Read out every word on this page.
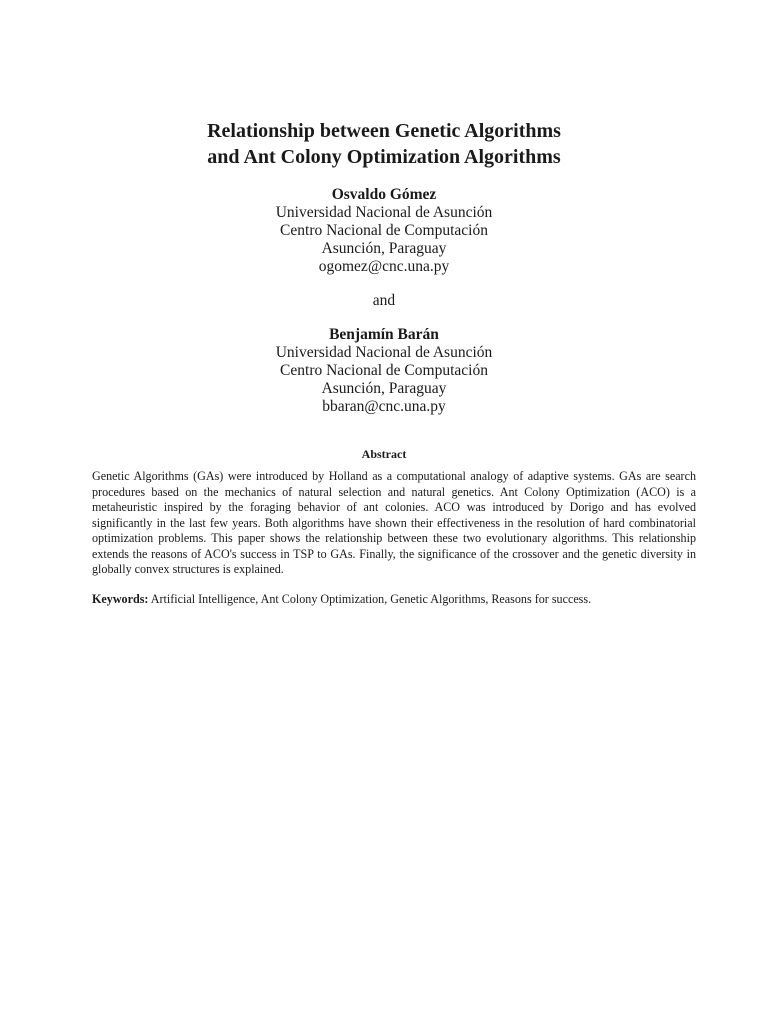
Relationship between Genetic Algorithms
and Ant Colony Optimization Algorithms
Osvaldo Gómez
Universidad Nacional de Asunción
Centro Nacional de Computación
Asunción, Paraguay
ogomez@cnc.una.py
and
Benjamín Barán
Universidad Nacional de Asunción
Centro Nacional de Computación
Asunción, Paraguay
bbaran@cnc.una.py
Abstract
Genetic Algorithms (GAs) were introduced by Holland as a computational analogy of adaptive systems. GAs are search procedures based on the mechanics of natural selection and natural genetics. Ant Colony Optimization (ACO) is a metaheuristic inspired by the foraging behavior of ant colonies. ACO was introduced by Dorigo and has evolved significantly in the last few years. Both algorithms have shown their effectiveness in the resolution of hard combinatorial optimization problems. This paper shows the relationship between these two evolutionary algorithms. This relationship extends the reasons of ACO's success in TSP to GAs. Finally, the significance of the crossover and the genetic diversity in globally convex structures is explained.
Keywords: Artificial Intelligence, Ant Colony Optimization, Genetic Algorithms, Reasons for success.
